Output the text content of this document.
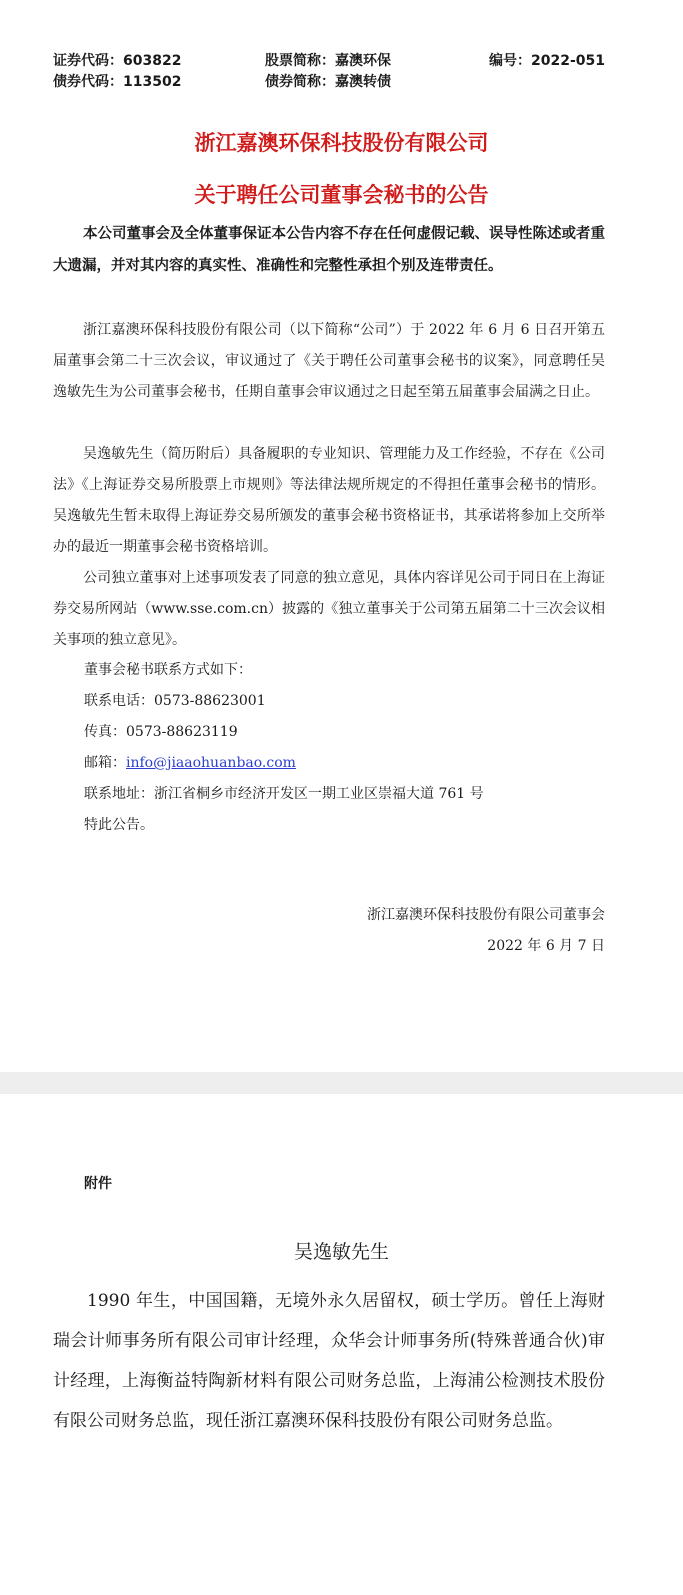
证券代码：603822	股票简称：嘉澳环保	编号：2022-051
债券代码：113502	债券简称：嘉澳转债
浙江嘉澳环保科技股份有限公司
关于聘任公司董事会秘书的公告

本公司董事会及全体董事保证本公告内容不存在任何虚假记载、误导性陈述或者重大遗漏，并对其内容的真实性、准确性和完整性承担个别及连带责任。

浙江嘉澳环保科技股份有限公司（以下简称“公司”）于 2022 年 6 月 6 日召开第五届董事会第二十三次会议，审议通过了《关于聘任公司董事会秘书的议案》，同意聘任吴逸敏先生为公司董事会秘书，任期自董事会审议通过之日起至第五届董事会届满之日止。

吴逸敏先生（简历附后）具备履职的专业知识、管理能力及工作经验，不存在《公司法》《上海证券交易所股票上市规则》等法律法规所规定的不得担任董事会秘书的情形。吴逸敏先生暂未取得上海证券交易所颁发的董事会秘书资格证书，其承诺将参加上交所举办的最近一期董事会秘书资格培训。

公司独立董事对上述事项发表了同意的独立意见，具体内容详见公司于同日在上海证券交易所网站（www.sse.com.cn）披露的《独立董事关于公司第五届第二十三次会议相关事项的独立意见》。

董事会秘书联系方式如下：
联系电话：0573-88623001
传真：0573-88623119
邮箱：info@jiaaohuanbao.com
联系地址：浙江省桐乡市经济开发区一期工业区崇福大道 761 号
特此公告。
浙江嘉澳环保科技股份有限公司董事会
2022 年 6 月 7 日
附件
吴逸敏先生

1990 年生，中国国籍，无境外永久居留权，硕士学历。曾任上海财瑞会计师事务所有限公司审计经理，众华会计师事务所(特殊普通合伙)审计经理，上海衡益特陶新材料有限公司财务总监，上海浦公检测技术股份有限公司财务总监，现任浙江嘉澳环保科技股份有限公司财务总监。
